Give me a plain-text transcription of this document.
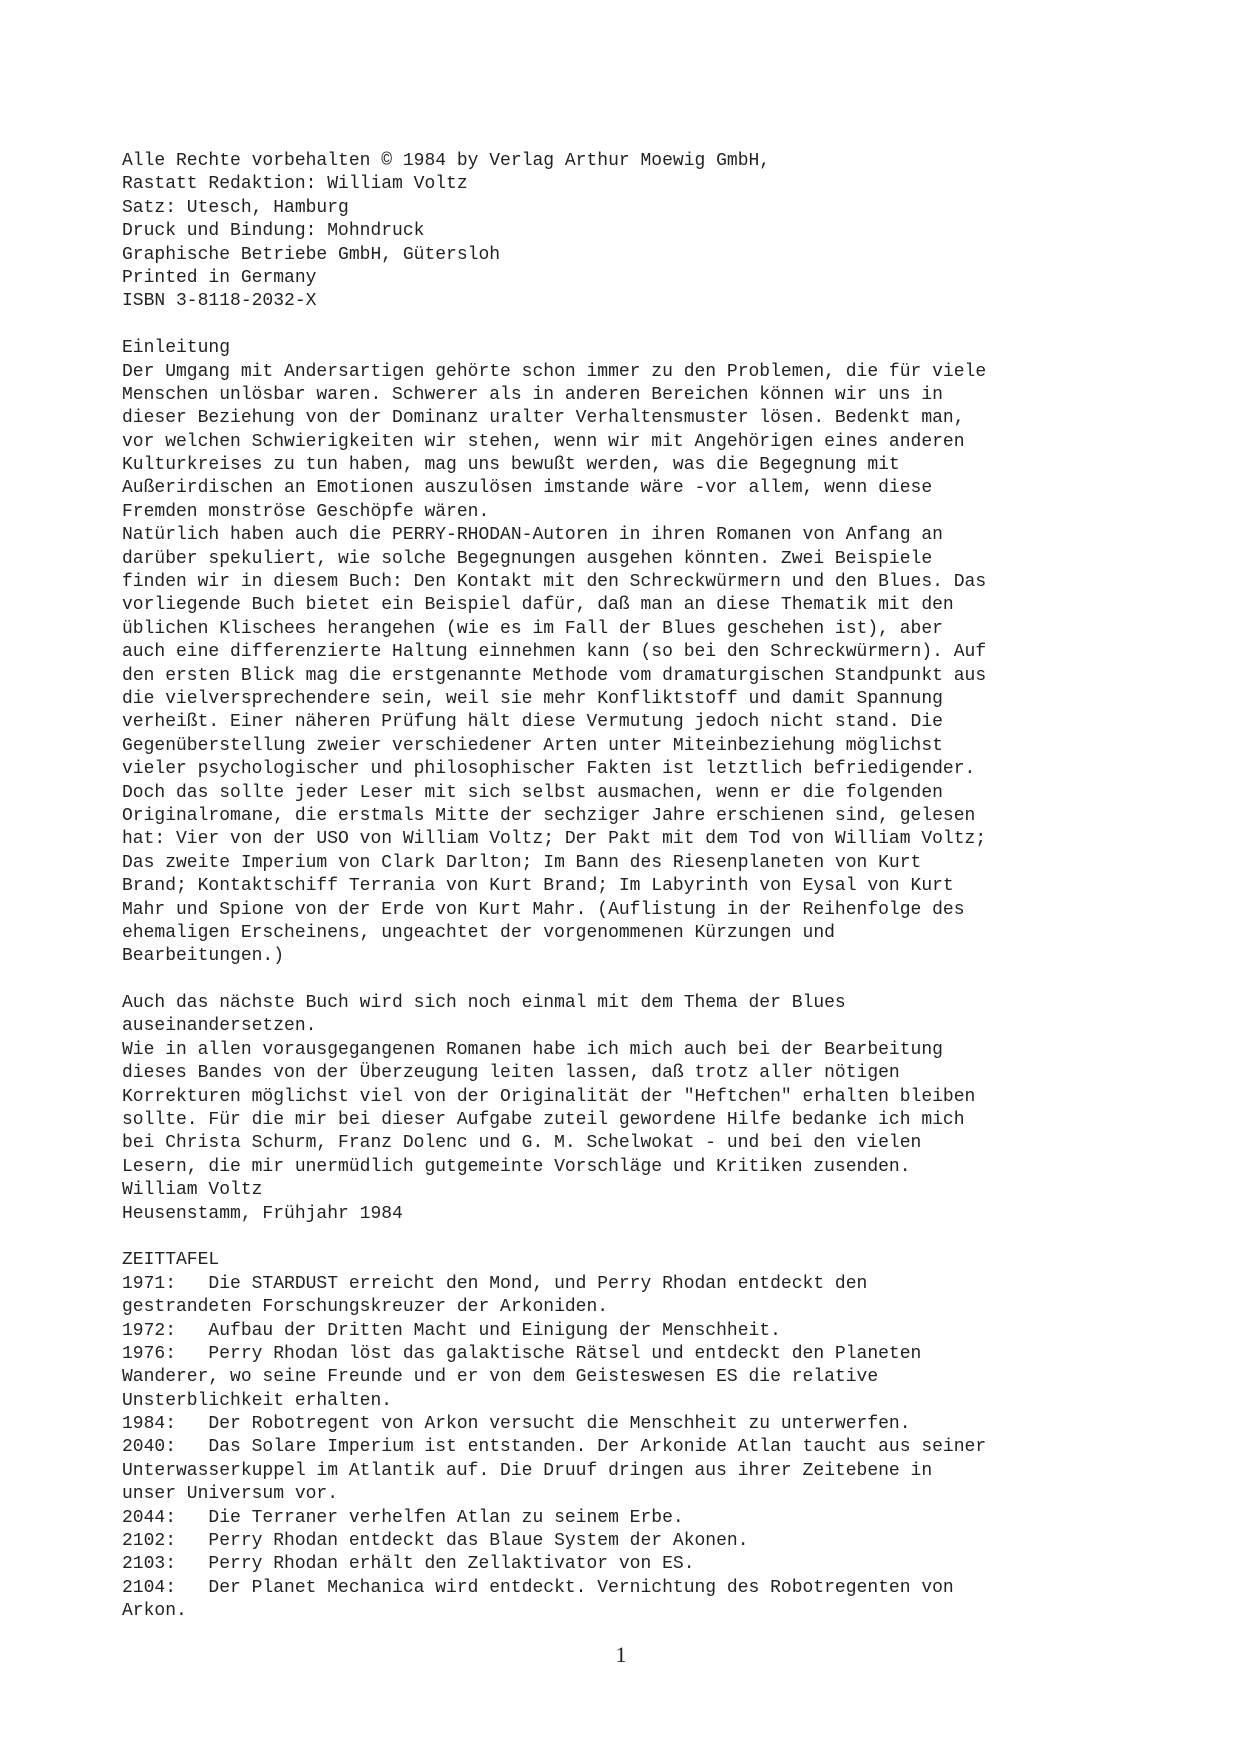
Alle Rechte vorbehalten © 1984 by Verlag Arthur Moewig GmbH,
Rastatt Redaktion: William Voltz
Satz: Utesch, Hamburg
Druck und Bindung: Mohndruck
Graphische Betriebe GmbH, Gütersloh
Printed in Germany
ISBN 3-8118-2032-X
Einleitung
Der Umgang mit Andersartigen gehörte schon immer zu den Problemen, die für viele
Menschen unlösbar waren. Schwerer als in anderen Bereichen können wir uns in
dieser Beziehung von der Dominanz uralter Verhaltensmuster lösen. Bedenkt man,
vor welchen Schwierigkeiten wir stehen, wenn wir mit Angehörigen eines anderen
Kulturkreises zu tun haben, mag uns bewußt werden, was die Begegnung mit
Außerirdischen an Emotionen auszulösen imstande wäre -vor allem, wenn diese
Fremden monströse Geschöpfe wären.
Natürlich haben auch die PERRY-RHODAN-Autoren in ihren Romanen von Anfang an
darüber spekuliert, wie solche Begegnungen ausgehen könnten. Zwei Beispiele
finden wir in diesem Buch: Den Kontakt mit den Schreckwürmern und den Blues. Das
vorliegende Buch bietet ein Beispiel dafür, daß man an diese Thematik mit den
üblichen Klischees herangehen (wie es im Fall der Blues geschehen ist), aber
auch eine differenzierte Haltung einnehmen kann (so bei den Schreckwürmern). Auf
den ersten Blick mag die erstgenannte Methode vom dramaturgischen Standpunkt aus
die vielversprechendere sein, weil sie mehr Konfliktstoff und damit Spannung
verheißt. Einer näheren Prüfung hält diese Vermutung jedoch nicht stand. Die
Gegenüberstellung zweier verschiedener Arten unter Miteinbeziehung möglichst
vieler psychologischer und philosophischer Fakten ist letztlich befriedigender.
Doch das sollte jeder Leser mit sich selbst ausmachen, wenn er die folgenden
Originalromane, die erstmals Mitte der sechziger Jahre erschienen sind, gelesen
hat: Vier von der USO von William Voltz; Der Pakt mit dem Tod von William Voltz;
Das zweite Imperium von Clark Darlton; Im Bann des Riesenplaneten von Kurt
Brand; Kontaktschiff Terrania von Kurt Brand; Im Labyrinth von Eysal von Kurt
Mahr und Spione von der Erde von Kurt Mahr. (Auflistung in der Reihenfolge des
ehemaligen Erscheinens, ungeachtet der vorgenommenen Kürzungen und
Bearbeitungen.)
Auch das nächste Buch wird sich noch einmal mit dem Thema der Blues
auseinandersetzen.
Wie in allen vorausgegangenen Romanen habe ich mich auch bei der Bearbeitung
dieses Bandes von der Überzeugung leiten lassen, daß trotz aller nötigen
Korrekturen möglichst viel von der Originalität der "Heftchen" erhalten bleiben
sollte. Für die mir bei dieser Aufgabe zuteil gewordene Hilfe bedanke ich mich
bei Christa Schurm, Franz Dolenc und G. M. Schelwokat - und bei den vielen
Lesern, die mir unermüdlich gutgemeinte Vorschläge und Kritiken zusenden.
William Voltz
Heusenstamm, Frühjahr 1984
ZEITTAFEL
1971:   Die STARDUST erreicht den Mond, und Perry Rhodan entdeckt den
gestrandeten Forschungskreuzer der Arkoniden.
1972:   Aufbau der Dritten Macht und Einigung der Menschheit.
1976:   Perry Rhodan löst das galaktische Rätsel und entdeckt den Planeten
Wanderer, wo seine Freunde und er von dem Geisteswesen ES die relative
Unsterblichkeit erhalten.
1984:   Der Robotregent von Arkon versucht die Menschheit zu unterwerfen.
2040:   Das Solare Imperium ist entstanden. Der Arkonide Atlan taucht aus seiner
Unterwasserkuppel im Atlantik auf. Die Druuf dringen aus ihrer Zeitebene in
unser Universum vor.
2044:   Die Terraner verhelfen Atlan zu seinem Erbe.
2102:   Perry Rhodan entdeckt das Blaue System der Akonen.
2103:   Perry Rhodan erhält den Zellaktivator von ES.
2104:   Der Planet Mechanica wird entdeckt. Vernichtung des Robotregenten von
Arkon.
1
